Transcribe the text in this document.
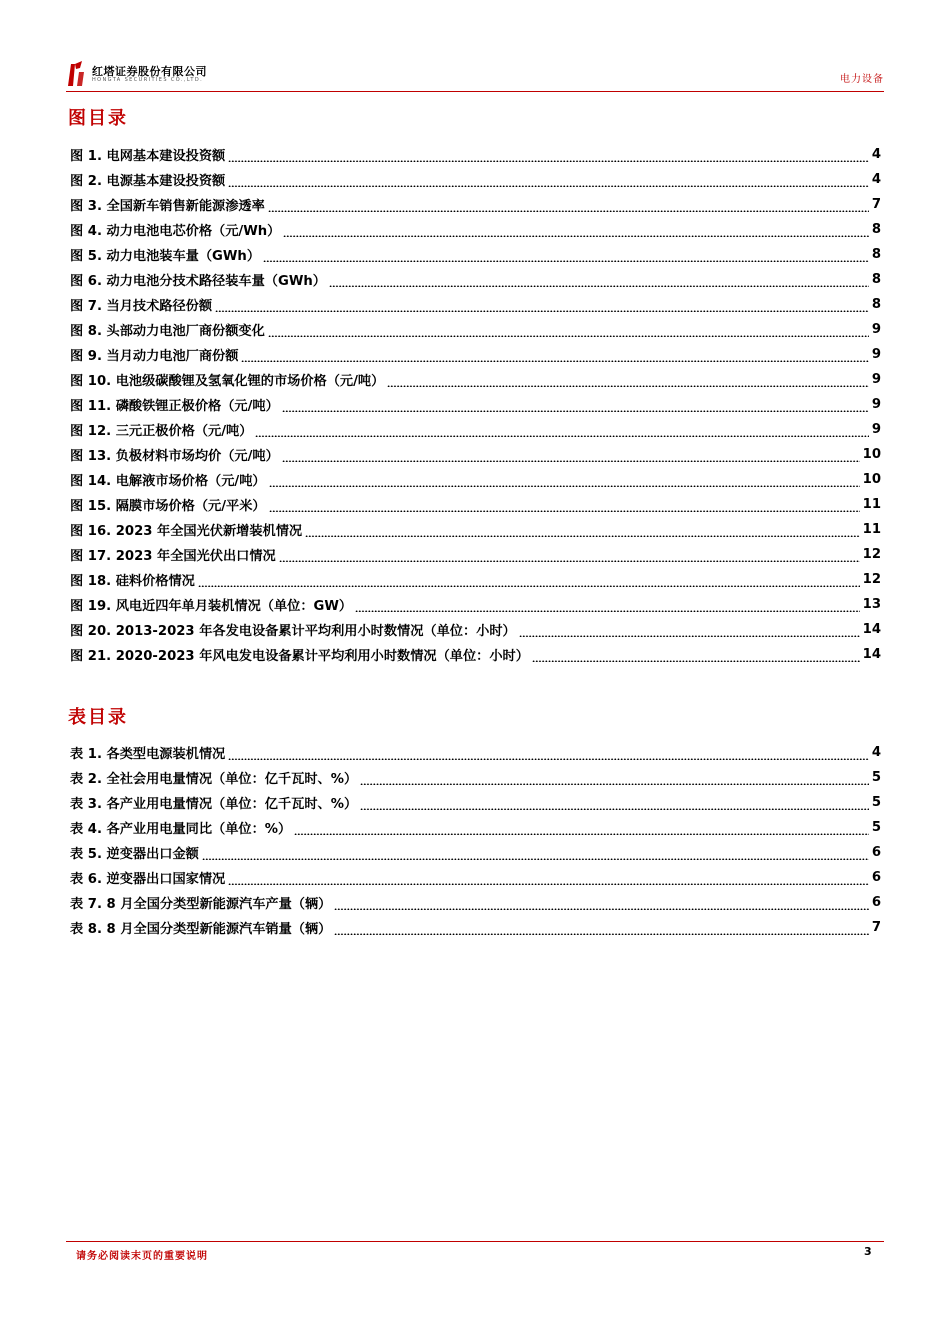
红塔证券股份有限公司
HONGTA SECURITIES CO.,LTD.	电力设备
图目录
图 1. 电网基本建设投资额	4
图 2. 电源基本建设投资额	4
图 3. 全国新车销售新能源渗透率	7
图 4. 动力电池电芯价格（元/Wh）	8
图 5. 动力电池装车量（GWh）	8
图 6. 动力电池分技术路径装车量（GWh）	8
图 7. 当月技术路径份额	8
图 8. 头部动力电池厂商份额变化	9
图 9. 当月动力电池厂商份额	9
图 10. 电池级碳酸锂及氢氧化锂的市场价格（元/吨）	9
图 11. 磷酸铁锂正极价格（元/吨）	9
图 12. 三元正极价格（元/吨）	9
图 13. 负极材料市场均价（元/吨）	10
图 14. 电解液市场价格（元/吨）	10
图 15. 隔膜市场价格（元/平米）	11
图 16. 2023 年全国光伏新增装机情况	11
图 17. 2023 年全国光伏出口情况	12
图 18. 硅料价格情况	12
图 19. 风电近四年单月装机情况（单位：GW）	13
图 20. 2013-2023 年各发电设备累计平均利用小时数情况（单位：小时）	14
图 21. 2020-2023 年风电发电设备累计平均利用小时数情况（单位：小时）	14
表目录
表 1. 各类型电源装机情况	4
表 2. 全社会用电量情况（单位：亿千瓦时、%）	5
表 3. 各产业用电量情况（单位：亿千瓦时、%）	5
表 4. 各产业用电量同比（单位：%）	5
表 5. 逆变器出口金额	6
表 6. 逆变器出口国家情况	6
表 7. 8 月全国分类型新能源汽车产量（辆）	6
表 8. 8 月全国分类型新能源汽车销量（辆）	7
请务必阅读末页的重要说明	3
